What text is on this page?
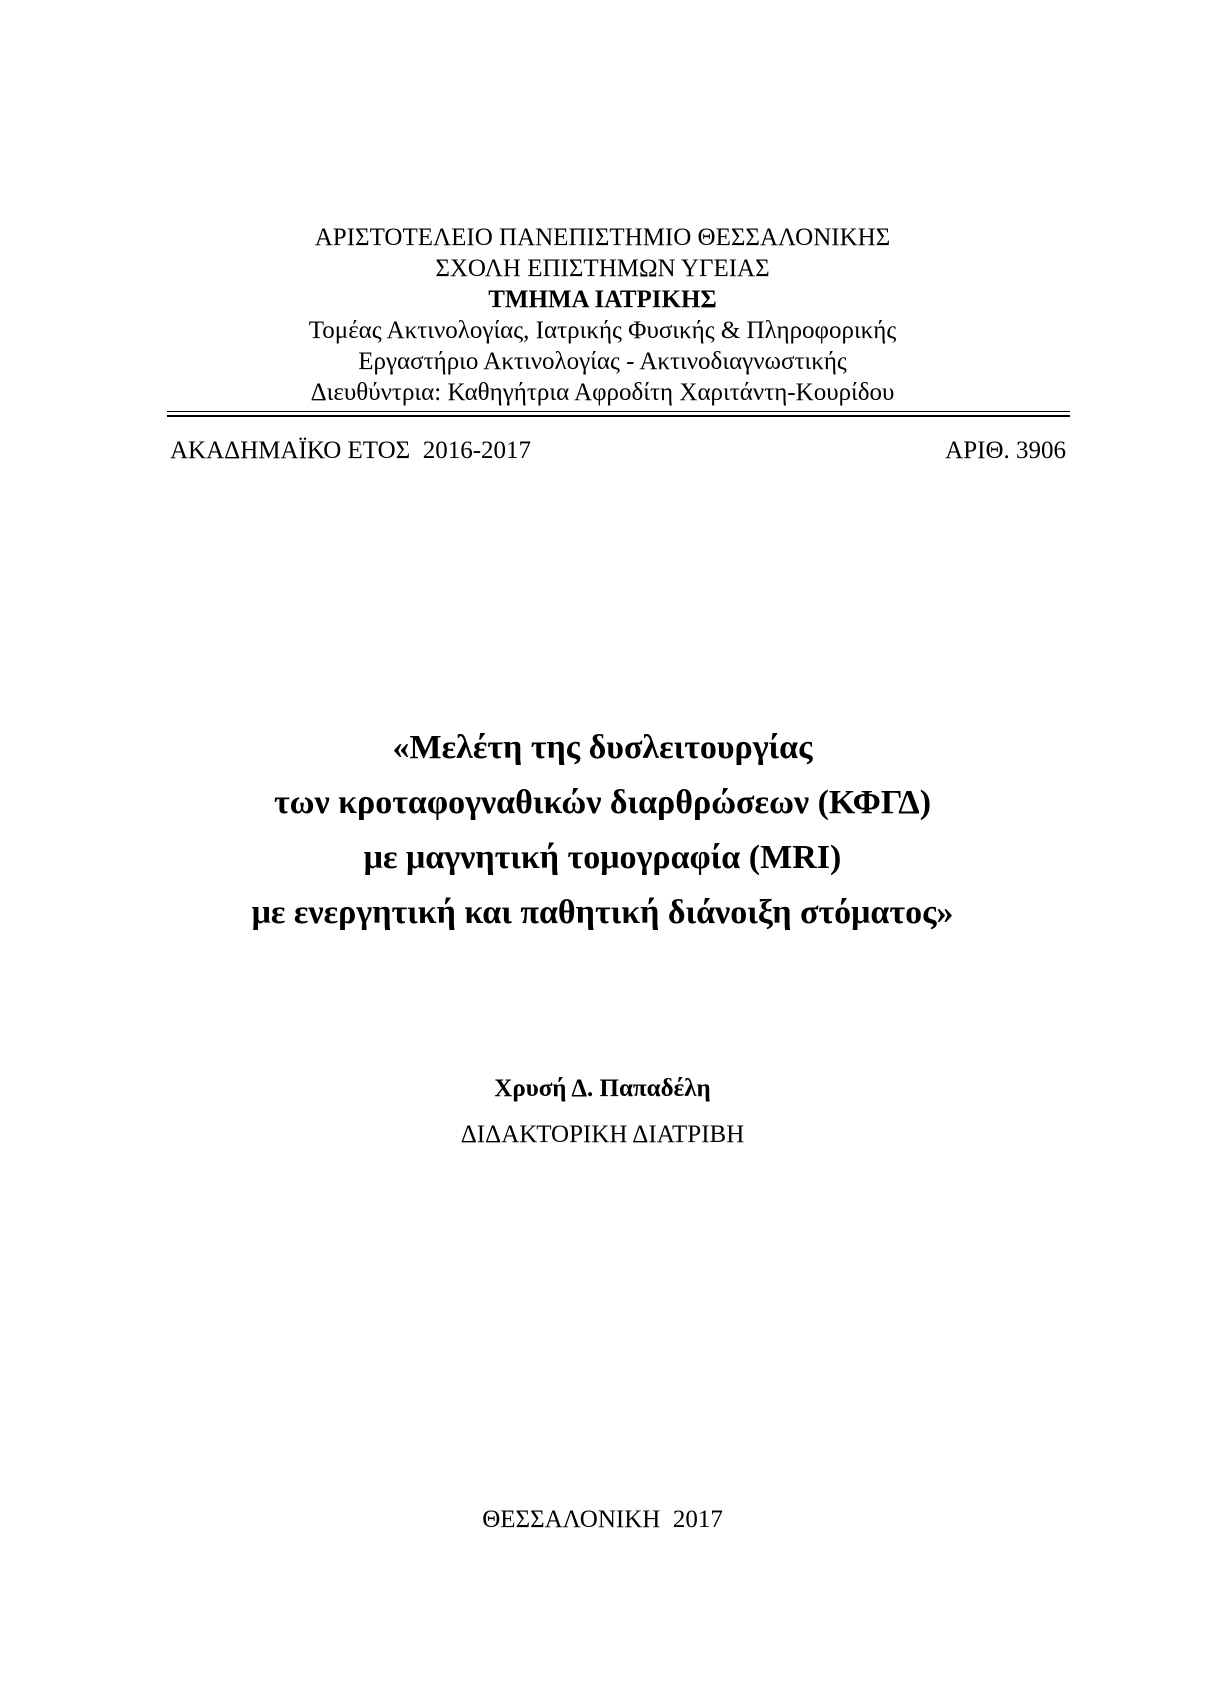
ΑΡΙΣΤΟΤΕΛΕΙΟ ΠΑΝΕΠΙΣΤΗΜΙΟ ΘΕΣΣΑΛΟΝΙΚΗΣ
ΣΧΟΛΗ ΕΠΙΣΤΗΜΩΝ ΥΓΕΙΑΣ
ΤΜΗΜΑ ΙΑΤΡΙΚΗΣ
Τομέας Ακτινολογίας, Ιατρικής Φυσικής & Πληροφορικής
Εργαστήριο Ακτινολογίας - Ακτινοδιαγνωστικής
Διευθύντρια: Καθηγήτρια Αφροδίτη Χαριτάντη-Κουρίδου
ΑΚΑΔΗΜΑΪΚΟ ΕΤΟΣ  2016-2017	ΑΡΙΘ. 3906
«Μελέτη της δυσλειτουργίας
των κροταφογναθικών διαρθρώσεων (ΚΦΓΔ)
με μαγνητική τομογραφία (MRI)
με ενεργητική και παθητική διάνοιξη στόματος»
Χρυσή Δ. Παπαδέλη
ΔΙΔΑΚΤΟΡΙΚΗ ΔΙΑΤΡΙΒΗ
ΘΕΣΣΑΛΟΝΙΚΗ  2017
